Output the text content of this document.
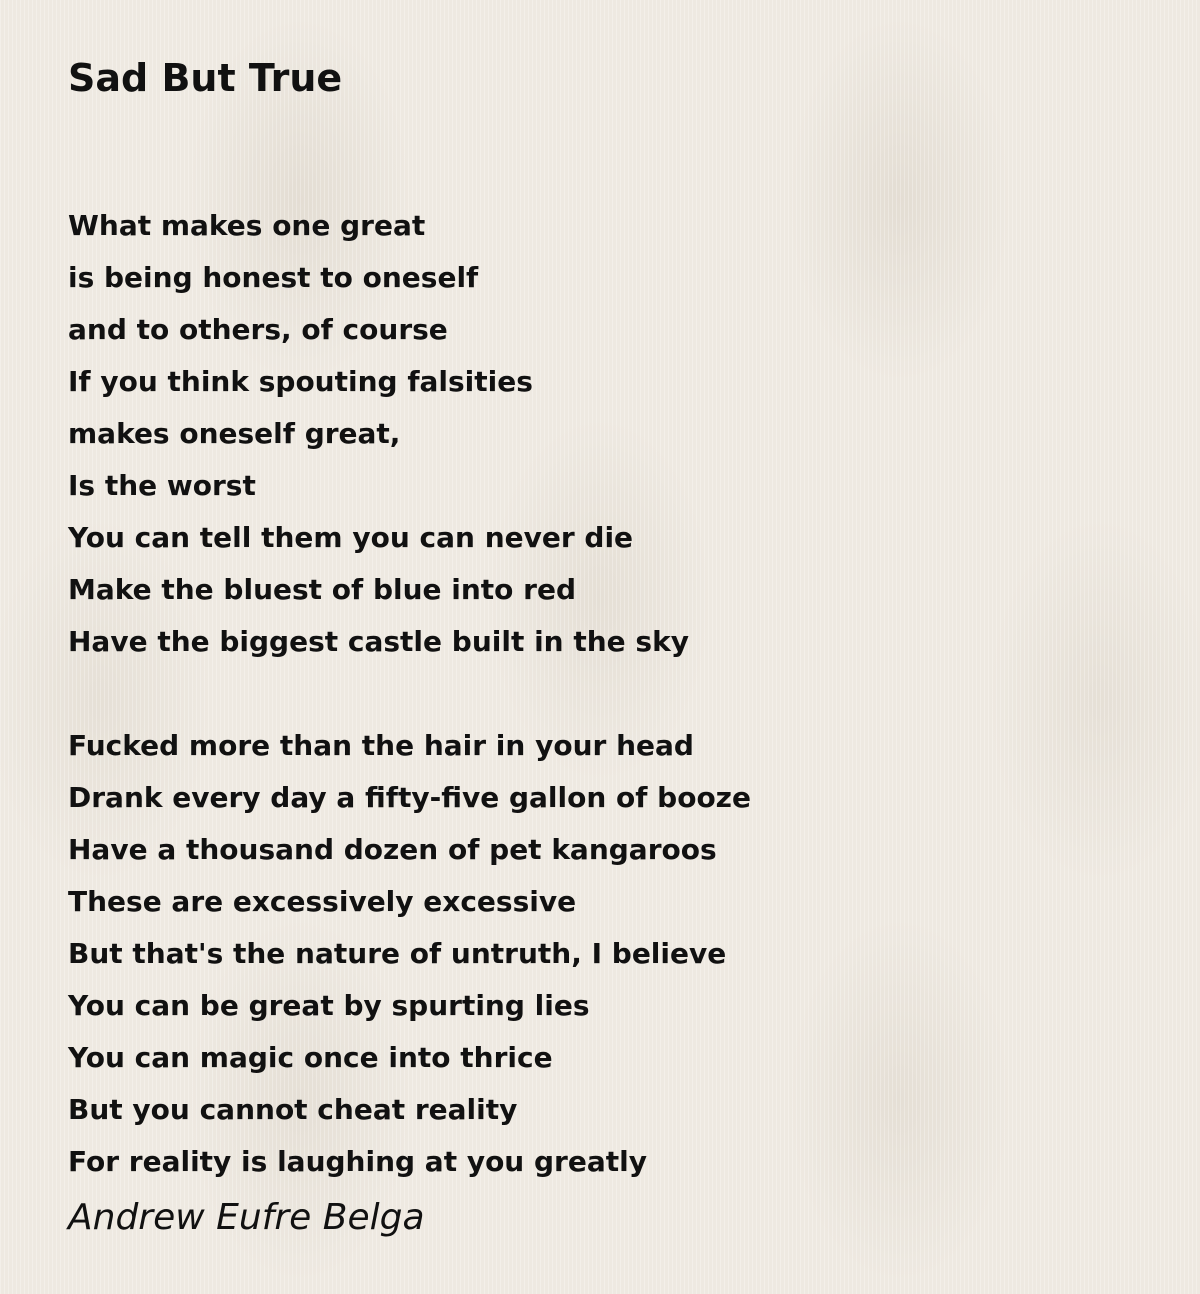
Sad But True
What makes one great
is being honest to oneself
and to others, of course
If you think spouting falsities
makes oneself great,
Is the worst
You can tell them you can never die
Make the bluest of blue into red
Have the biggest castle built in the sky
Fucked more than the hair in your head
Drank every day a fifty-five gallon of booze
Have a thousand dozen of pet kangaroos
These are excessively excessive
But that's the nature of untruth, I believe
You can be great by spurting lies
You can magic once into thrice
But you cannot cheat reality
For reality is laughing at you greatly
Andrew Eufre Belga
